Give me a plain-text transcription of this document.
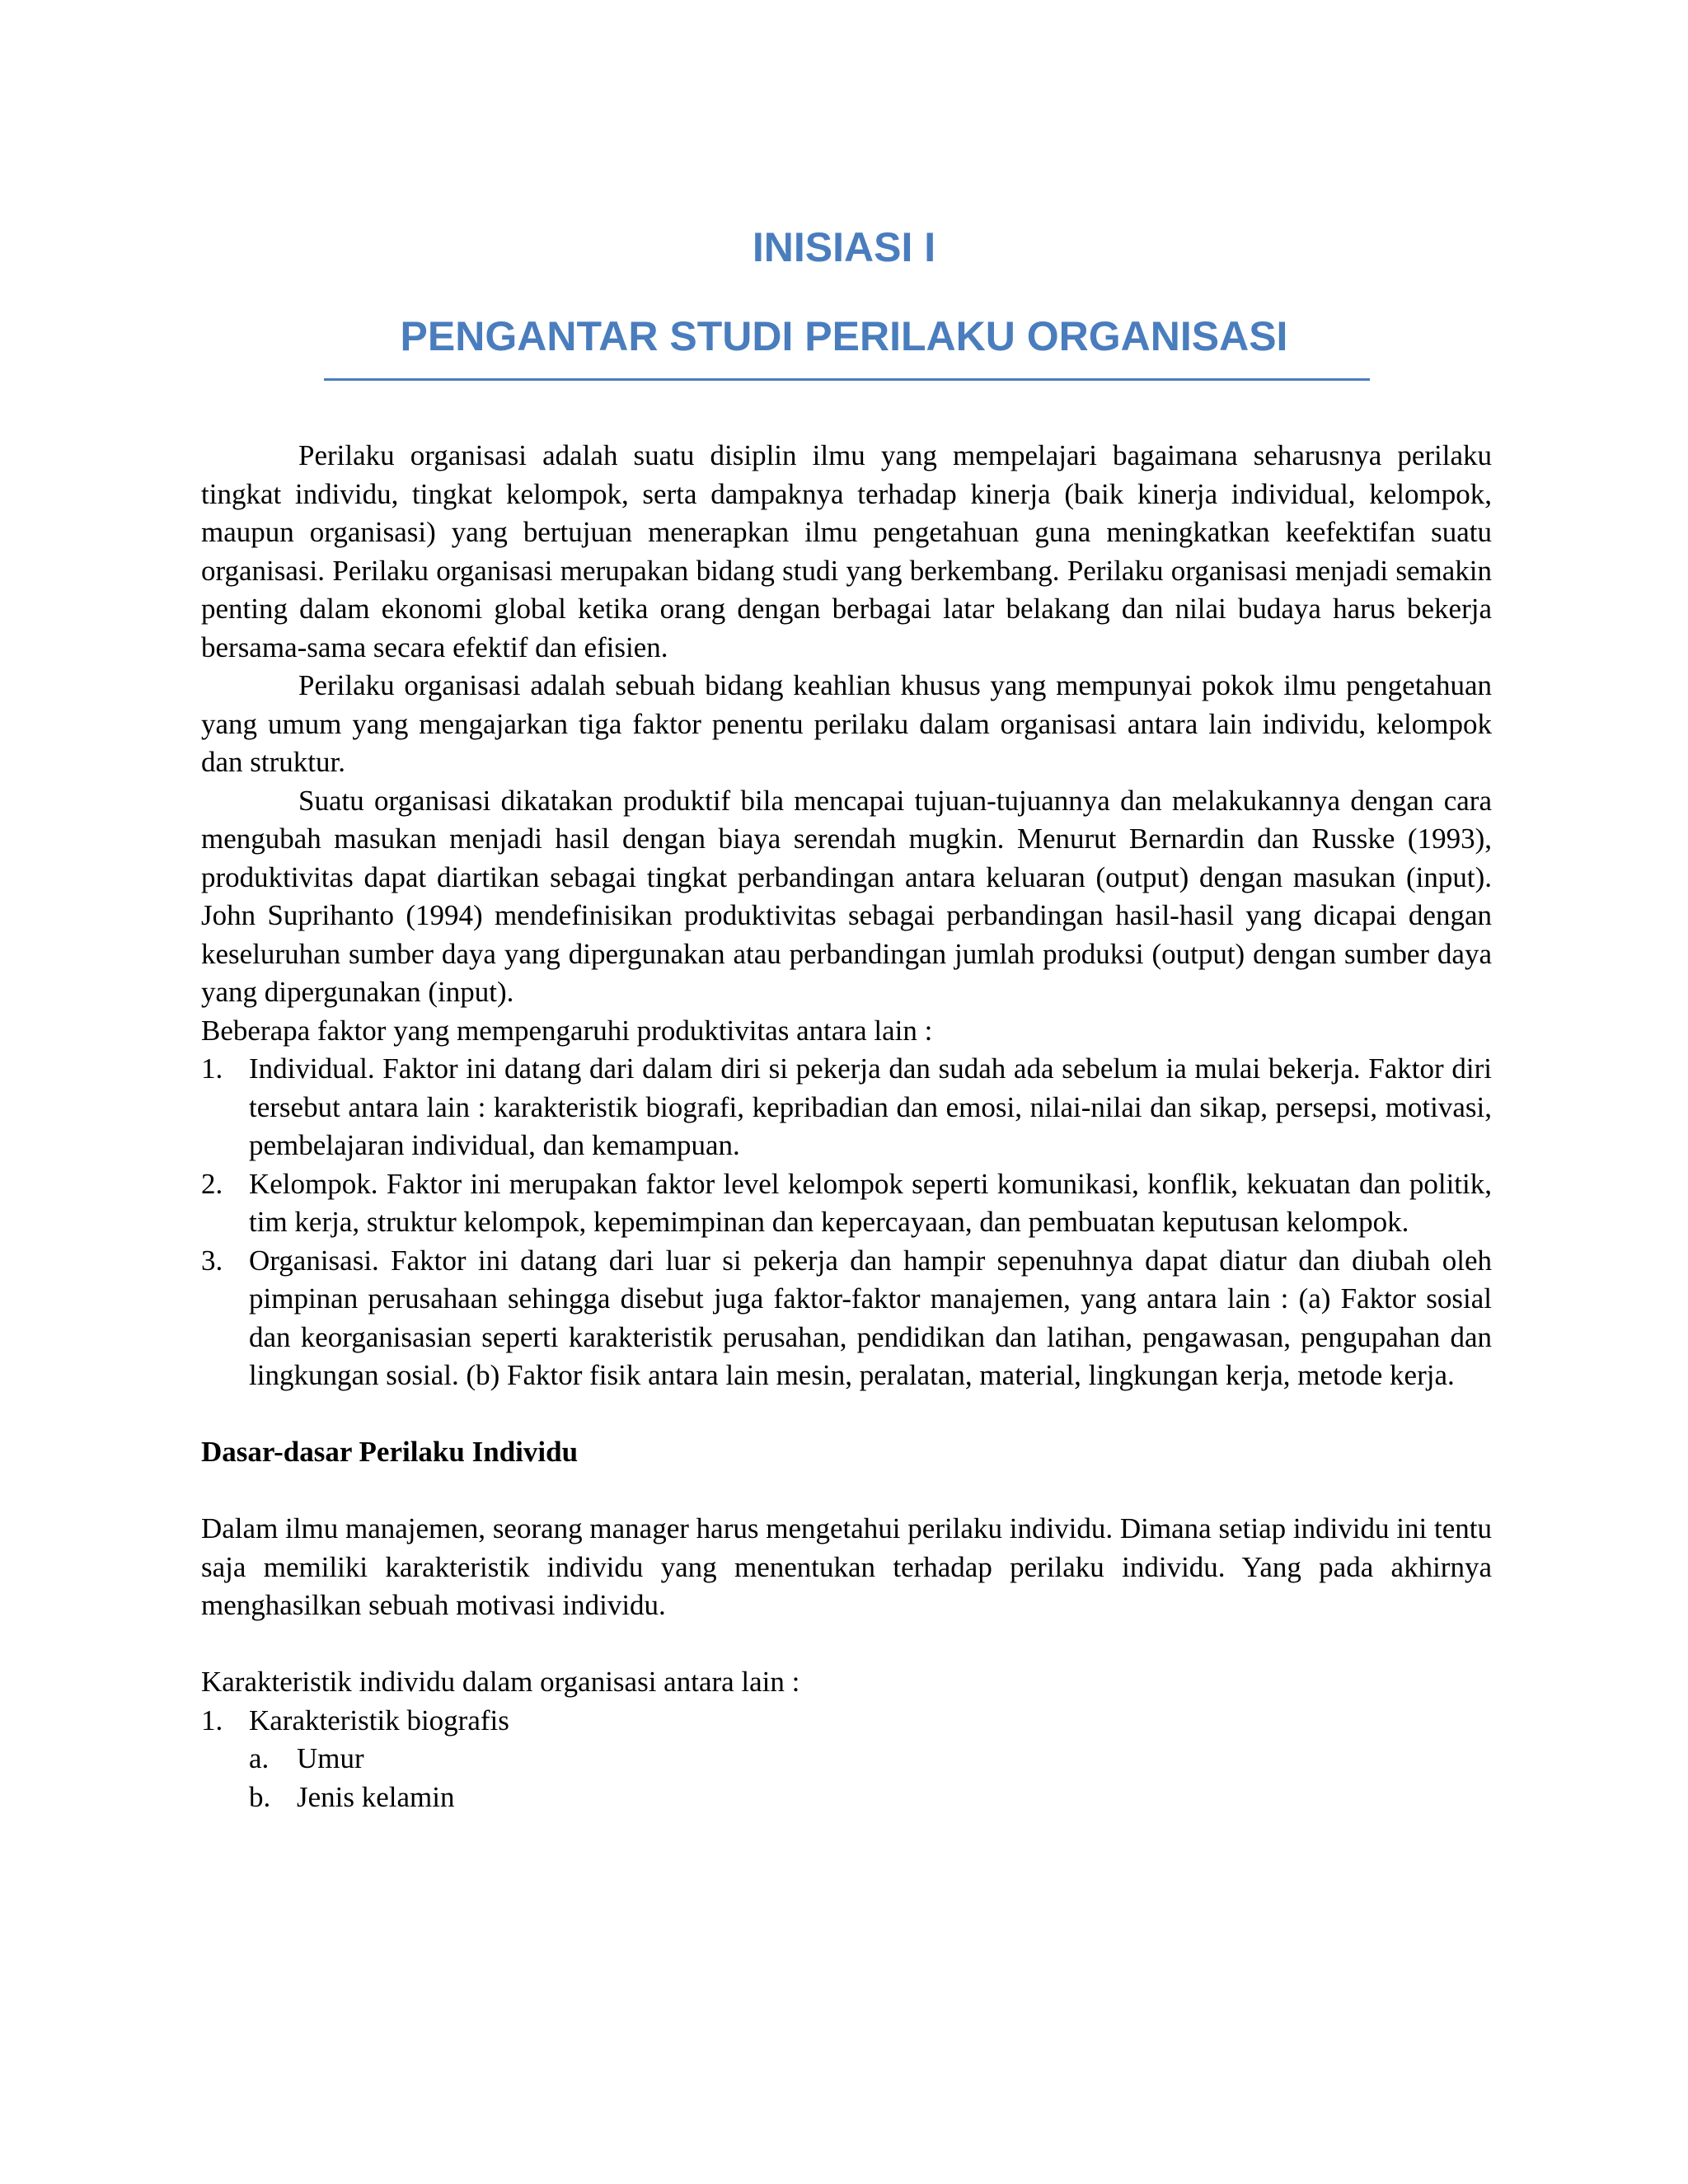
INISIASI I
PENGANTAR STUDI PERILAKU ORGANISASI

Perilaku organisasi adalah suatu disiplin ilmu yang mempelajari bagaimana seharusnya perilaku tingkat individu, tingkat kelompok, serta dampaknya terhadap kinerja (baik kinerja individual, kelompok, maupun organisasi) yang bertujuan menerapkan ilmu pengetahuan guna meningkatkan keefektifan suatu organisasi. Perilaku organisasi merupakan bidang studi yang berkembang. Perilaku organisasi menjadi semakin penting dalam ekonomi global ketika orang dengan berbagai latar belakang dan nilai budaya harus bekerja bersama-sama secara efektif dan efisien.

Perilaku organisasi adalah sebuah bidang keahlian khusus yang mempunyai pokok ilmu pengetahuan yang umum yang mengajarkan tiga faktor penentu perilaku dalam organisasi antara lain individu, kelompok dan struktur.

Suatu organisasi dikatakan produktif bila mencapai tujuan-tujuannya dan melakukannya dengan cara mengubah masukan menjadi hasil dengan biaya serendah mugkin. Menurut Bernardin dan Russke (1993), produktivitas dapat diartikan sebagai tingkat perbandingan antara keluaran (output) dengan masukan (input). John Suprihanto (1994) mendefinisikan produktivitas sebagai perbandingan hasil-hasil yang dicapai dengan keseluruhan sumber daya yang dipergunakan atau perbandingan jumlah produksi (output) dengan sumber daya yang dipergunakan (input).

Beberapa faktor yang mempengaruhi produktivitas antara lain :

1. Individual. Faktor ini datang dari dalam diri si pekerja dan sudah ada sebelum ia mulai bekerja. Faktor diri tersebut antara lain : karakteristik biografi, kepribadian dan emosi, nilai-nilai dan sikap, persepsi, motivasi, pembelajaran individual, dan kemampuan.
2. Kelompok. Faktor ini merupakan faktor level kelompok seperti komunikasi, konflik, kekuatan dan politik, tim kerja, struktur kelompok, kepemimpinan dan kepercayaan, dan pembuatan keputusan kelompok.
3. Organisasi. Faktor ini datang dari luar si pekerja dan hampir sepenuhnya dapat diatur dan diubah oleh pimpinan perusahaan sehingga disebut juga faktor-faktor manajemen, yang antara lain : (a) Faktor sosial dan keorganisasian seperti karakteristik perusahan, pendidikan dan latihan, pengawasan, pengupahan dan lingkungan sosial. (b) Faktor fisik antara lain mesin, peralatan, material, lingkungan kerja, metode kerja.

Dasar-dasar Perilaku Individu

Dalam ilmu manajemen, seorang manager harus mengetahui perilaku individu. Dimana setiap individu ini tentu saja memiliki karakteristik individu yang menentukan terhadap perilaku individu. Yang pada akhirnya menghasilkan sebuah motivasi individu.

Karakteristik individu dalam organisasi antara lain :

1. Karakteristik biografis
a. Umur
b. Jenis kelamin
